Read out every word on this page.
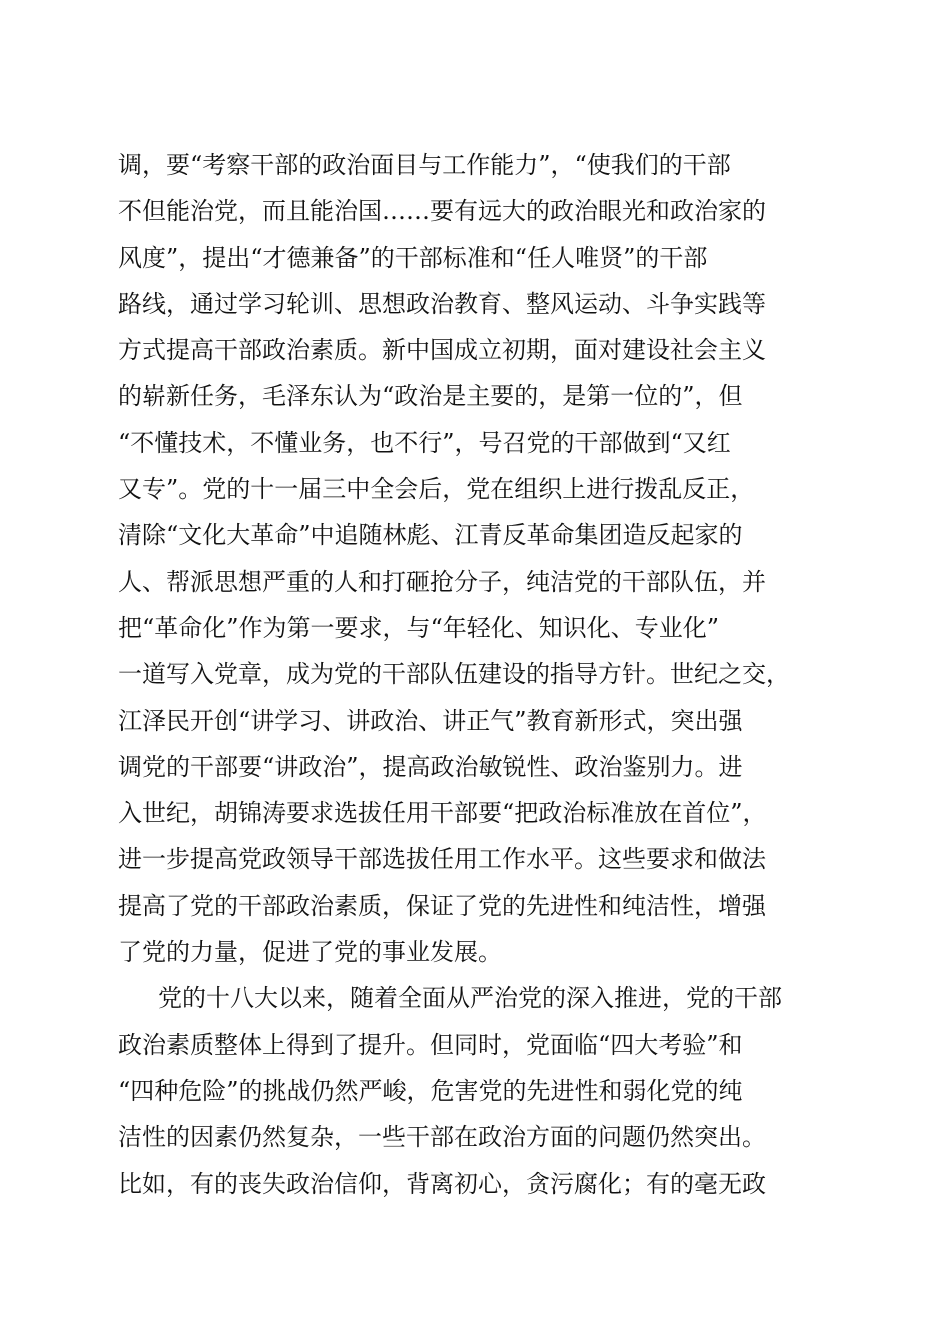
调，要“考察干部的政治面目与工作能力”，“使我们的干部
不但能治党，而且能治国……要有远大的政治眼光和政治家的
风度”，提出“才德兼备”的干部标准和“任人唯贤”的干部
路线，通过学习轮训、思想政治教育、整风运动、斗争实践等
方式提高干部政治素质。新中国成立初期，面对建设社会主义
的崭新任务，毛泽东认为“政治是主要的，是第一位的”，但
“不懂技术，不懂业务，也不行”，号召党的干部做到“又红
又专”。党的十一届三中全会后，党在组织上进行拨乱反正，
清除“文化大革命”中追随林彪、江青反革命集团造反起家的
人、帮派思想严重的人和打砸抢分子，纯洁党的干部队伍，并
把“革命化”作为第一要求，与“年轻化、知识化、专业化”
一道写入党章，成为党的干部队伍建设的指导方针。世纪之交，
江泽民开创“讲学习、讲政治、讲正气”教育新形式，突出强
调党的干部要“讲政治”，提高政治敏锐性、政治鉴别力。进
入世纪，胡锦涛要求选拔任用干部要“把政治标准放在首位”，
进一步提高党政领导干部选拔任用工作水平。这些要求和做法
提高了党的干部政治素质，保证了党的先进性和纯洁性，增强
了党的力量，促进了党的事业发展。
党的十八大以来，随着全面从严治党的深入推进，党的干部
政治素质整体上得到了提升。但同时，党面临“四大考验”和
“四种危险”的挑战仍然严峻，危害党的先进性和弱化党的纯
洁性的因素仍然复杂，一些干部在政治方面的问题仍然突出。
比如，有的丧失政治信仰，背离初心，贪污腐化；有的毫无政
